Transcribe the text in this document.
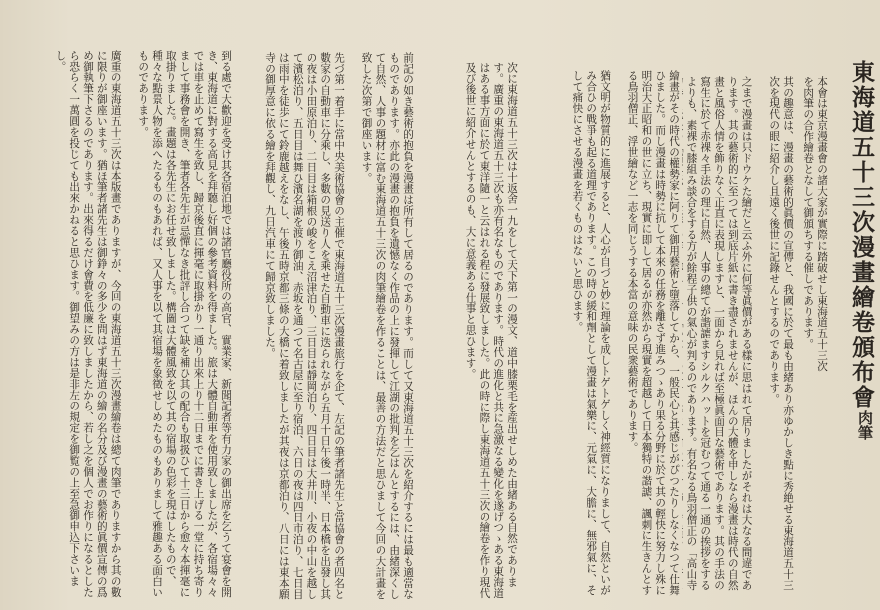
東海道五十三次漫畫繪卷頒布會
肉筆
本會は東京漫畫會の諸大家が實際に踏破せし東海道五十三次を肉筆の合作繪卷となして御頒ちする催しであります。
其の趣意は、漫畫の藝術的眞價の宣傳と、我國に於て最も由緒あり亦ゆかしき點に秀絶せる東海道五十三次を現代の眼に紹介し且遠く後世に記錄せんとするのであります。

之まで漫畫は只ドウケた繪だと云ふ外に何等眞價がある樣に思はれて居りましたがそれは大なる間違であります。其の藝術的に至つては到底片紙に書き盡されませんが、ほんの大體を申しなら漫畫は時代の自然畫と風俗人情を飾りなく正直に表現しますと、一面から見れば至極眞面目な藝術であります。其の手法の寫生に於て赤裸々手法の理に自然、人事の總てが諧謔ますシルクハットを冠むつて通る一通の挨拶をするよりも、素裸で膝組み談合をする方が餘程子供の氣心が判るのであります。有名なる鳥羽僧正の「高山寺
繪畫がその時代の權勢家に阿りて御用藝術と墮落してから、一般民心と其感じがぴつたりしなくなつて仕舞ひました。而し漫畫は時勢に抗して本來の任務を離さず進みつゝあり果る分野に於て其の輕快に努力し殊に明治大正昭和の世に立ち、現實に即して居るが亦然から現實を超越して日本獨特の諧謔、諷刺に生きんとする鳥羽僧正、浮世繪など一志を同じうする本當の意味の民衆藝術であります。

猶文明が物質的に進展すると、人心が自づと妙に理論を成しトゲトゲしく神經質になりまして、自然といがみ合ひの戰爭も起る道理であります。この時の緩和劑として漫畫は氣樂に、元氣に、大膽に、無邪氣に、そして痛快にさせる漫畫を若くものはないと思ひます。
次に東海道五十三次は十返舍一九をして天下第一の漫文、道中膝栗毛を産出せしめた由緒ある自然であります。廣重の東海道五十三次も亦有名なものであります。時代の進化と共に急激なる變化を遂げつゝある東海道はある事方面に於て東洋隨一と云はれる程に發展致しました。此の時に際し東海道五十三次の繪卷を作り現代及び後世に紹介せんとするのも、大に意義ある仕事と思ひます。
前記の如き藝術的抱負を漫畫は所有して居るのであります。而して又東海道五十三次を紹介するには最も適當なものであります。亦此の漫畫の抱負を遺憾なく作品の上に發揮して江湖の批判を乞はんとするには、由緒深くして自然、人事の題材に富む東海道五十三次の肉筆繪卷を作ることは、最善の方法だと思ひまして今回の大計畫を致した次第で御座います。

先づ第一着手に當中央美術協會の主催で東海道五十三次漫畫旅行を企て、左記の筆者諸先生と當協會の者四名と數家の自動車に分乘し、多數の見送り人を乘せた自動車に迭られながら五月十日午後一時半、日本橋を出發し其の夜は小田原泊り、二日目は箱根の峻をこえ沼津泊り、三日目は靜岡泊り、四日目は大井川、小夜の中山を越して濱松泊り、五日目は舞ひ濱名湖を渡り御油、赤坂を通つて名古屋に至り宿泊、六日の夜は四日市泊り、七日目は雨中を徒歩にて鈴鹿越えをなし、午後五時京都三條の大橋に着致しましたが其夜は京都泊り、八日には東本願寺の御厚意に依る繪を拜觀し、九日汽車にて歸京致しました。
到る處で大歡迎を受け其各宿泊地では諸官廳役所の高官、實業家、新聞記者等有力家の御出席を乞うて宴會を開き、東海道に對する高見を拜聽し好個の參考資料を得ました。旅は大體自動車を使用致しましたが、各宿場々々では車を止めて寫生を致し、歸京後直に揮毫に取掛かり一通り出來上り十二日までに書き上げる一堂に持ち寄りまして事務會を開き、筆者各先生が忌憚なき批評し合つて缺を補ひ其の配合も取扱ひて十三日から愈々本揮毫に取掛りました。畫題は各先生にお任せ致しました。構圖は大體風致を以て其の宿場の色彩を現はしたもので、種々な點景人物を添へたるものもあれば、又人事を以て其宿場を象徵せしめたものもありまして雅趣ある面白いものであります。

廣重の東海道五十三次は本版畫でありますが、今回の東海道五十三次漫畫繪卷は總て肉筆でありますから其の數に限りが御座います。猶ほ筆者諸先生は御錚々の多少を問はず東海道の繪の名分及び漫畫の藝術的眞價宣傳の爲め御執筆下さるのであります。出來得るだけ會費を低廉に致しましたから、若し之を個人でお作りになるとしたら恐らく一萬圓を投じても出來かねると思ひます。御望みの方は是非左の規定を御覧の上至急御申込下さいまし。
